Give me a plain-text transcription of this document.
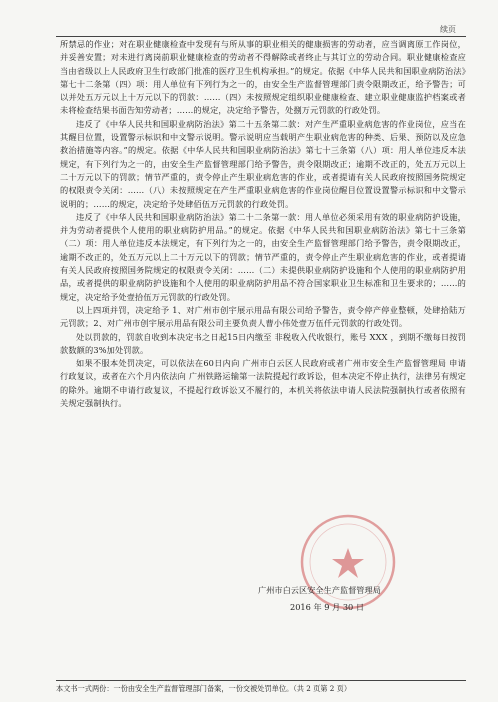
续页

所禁忌的作业；对在职业健康检查中发现有与所从事的职业相关的健康损害的劳动者，应当调离原工作岗位，并妥善安置；对未进行离岗前职业健康检查的劳动者不得解除或者终止与其订立的劳动合同。职业健康检查应当由省级以上人民政府卫生行政部门批准的医疗卫生机构承担。”的规定。依据《中华人民共和国职业病防治法》第七十二条第（四）项：用人单位有下列行为之一的，由安全生产监督管理部门责令限期改正，给予警告；可以并处五万元以上十万元以下的罚款：……（四）未按照规定组织职业健康检查、建立职业健康监护档案或者未将检查结果书面告知劳动者；……的规定，决定给予警告，处捌万元罚款的行政处罚。

违反了《中华人民共和国职业病防治法》第二十五条第二款：对产生严重职业病危害的作业岗位，应当在其醒目位置，设置警示标识和中文警示说明。警示说明应当载明产生职业病危害的种类、后果、预防以及应急救治措施等内容。”的规定。依据《中华人民共和国职业病防治法》第七十三条第（八）项：用人单位违反本法规定，有下列行为之一的，由安全生产监督管理部门给予警告，责令限期改正；逾期不改正的，处五万元以上二十万元以下的罚款；情节严重的，责令停止产生职业病危害的作业，或者提请有关人民政府按照国务院规定的权限责令关闭：……（八）未按照规定在产生严重职业病危害的作业岗位醒目位置设置警示标识和中文警示说明的；……的规定，决定给予处肆佰伍万元罚款的行政处罚。

违反了《中华人民共和国职业病防治法》第二十二条第一款：用人单位必须采用有效的职业病防护设施，并为劳动者提供个人使用的职业病防护用品。”的规定。依据《中华人民共和国职业病防治法》第七十三条第（二）项：用人单位违反本法规定，有下列行为之一的，由安全生产监督管理部门给予警告，责令限期改正，逾期不改正的，处五万元以上二十万元以下的罚款；情节严重的，责令停止产生职业病危害的作业，或者提请有关人民政府按照国务院规定的权限责令关闭：……（二）未提供职业病防护设施和个人使用的职业病防护用品，或者提供的职业病防护设施和个人使用的职业病防护用品不符合国家职业卫生标准和卫生要求的；……的规定，决定给予处壹拾伍万元罚款的行政处罚。

以上四项并罚，决定给予 1、对广州市创宇展示用品有限公司给予警告，责令停产停业整顿，处肆拾陆万元罚款；2、对广州市创宇展示用品有限公司主要负责人曹小伟处壹万伍仟元罚款的行政处罚。

处以罚款的，罚款自收到本决定书之日起15日内缴至 非税收入代收银行，账号 XXX ，到期不缴每日按罚款数额的3%加处罚款。

如果不服本处罚决定，可以依法在60日内向 广州市白云区人民政府或者广州市安全生产监督管理局 申请行政复议，或者在六个月内依法向 广州铁路运输第一法院提起行政诉讼，但本决定不停止执行，法律另有规定的除外。逾期不申请行政复议，不提起行政诉讼又不履行的，本机关将依法申请人民法院强制执行或者依照有关规定强制执行。

广州市白云区安全生产监督管理局
2016 年 9 月 30 日
本文书一式两份：一份由安全生产监督管理部门备案，一份交被处罚单位。（共 2 页第 2 页）
